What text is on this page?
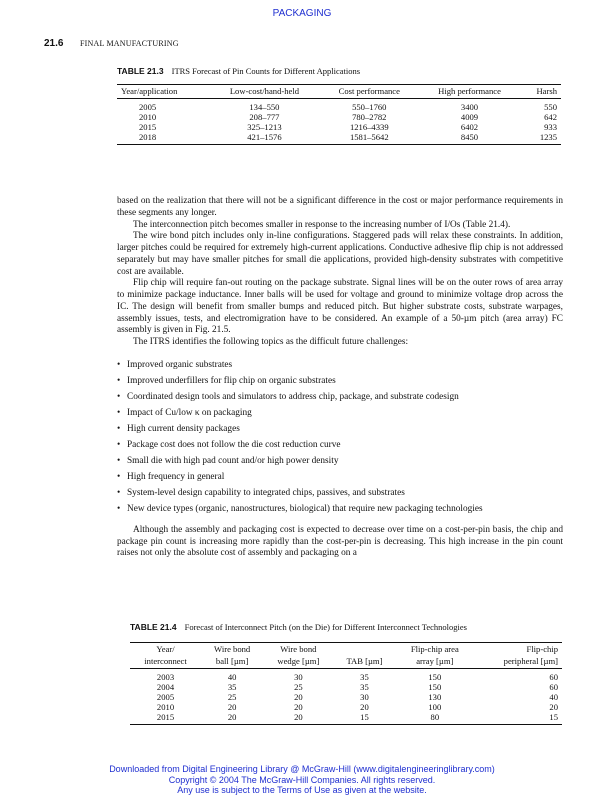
PACKAGING
21.6 FINAL MANUFACTURING
TABLE 21.3 ITRS Forecast of Pin Counts for Different Applications
Year/application	Low-cost/hand-held	Cost performance	High performance	Harsh
2005	134–550	550–1760	3400	550
2010	208–777	780–2782	4009	642
2015	325–1213	1216–4339	6402	933
2018	421–1576	1581–5642	8450	1235

based on the realization that there will not be a significant difference in the cost or major performance requirements in these segments any longer.

The interconnection pitch becomes smaller in response to the increasing number of I/Os (Table 21.4).

The wire bond pitch includes only in-line configurations. Staggered pads will relax these constraints. In addition, larger pitches could be required for extremely high-current applications. Conductive adhesive flip chip is not addressed separately but may have smaller pitches for small die applications, provided high-density substrates with competitive cost are available.

Flip chip will require fan-out routing on the package substrate. Signal lines will be on the outer rows of area array to minimize package inductance. Inner balls will be used for voltage and ground to minimize voltage drop across the IC. The design will benefit from smaller bumps and reduced pitch. But higher substrate costs, substrate warpages, assembly issues, tests, and electromigration have to be considered. An example of a 50-µm pitch (area array) FC assembly is given in Fig. 21.5.

The ITRS identifies the following topics as the difficult future challenges:

• Improved organic substrates
• Improved underfillers for flip chip on organic substrates
• Coordinated design tools and simulators to address chip, package, and substrate codesign
• Impact of Cu/low κ on packaging
• High current density packages
• Package cost does not follow the die cost reduction curve
• Small die with high pad count and/or high power density
• High frequency in general
• System-level design capability to integrated chips, passives, and substrates
• New device types (organic, nanostructures, biological) that require new packaging technologies

Although the assembly and packaging cost is expected to decrease over time on a cost-per-pin basis, the chip and package pin count is increasing more rapidly than the cost-per-pin is decreasing. This high increase in the pin count raises not only the absolute cost of assembly and packaging on a

TABLE 21.4 Forecast of Interconnect Pitch (on the Die) for Different Interconnect Technologies
Year/	Wire bond	Wire bond		Flip-chip area	Flip-chip
interconnect	ball [µm]	wedge [µm]	TAB [µm]	array [µm]	peripheral [µm]
2003	40	30	35	150	60
2004	35	25	35	150	60
2005	25	20	30	130	40
2010	20	20	20	100	20
2015	20	20	15	80	15
Downloaded from Digital Engineering Library @ McGraw-Hill (www.digitalengineeringlibrary.com)
Copyright © 2004 The McGraw-Hill Companies. All rights reserved.
Any use is subject to the Terms of Use as given at the website.
